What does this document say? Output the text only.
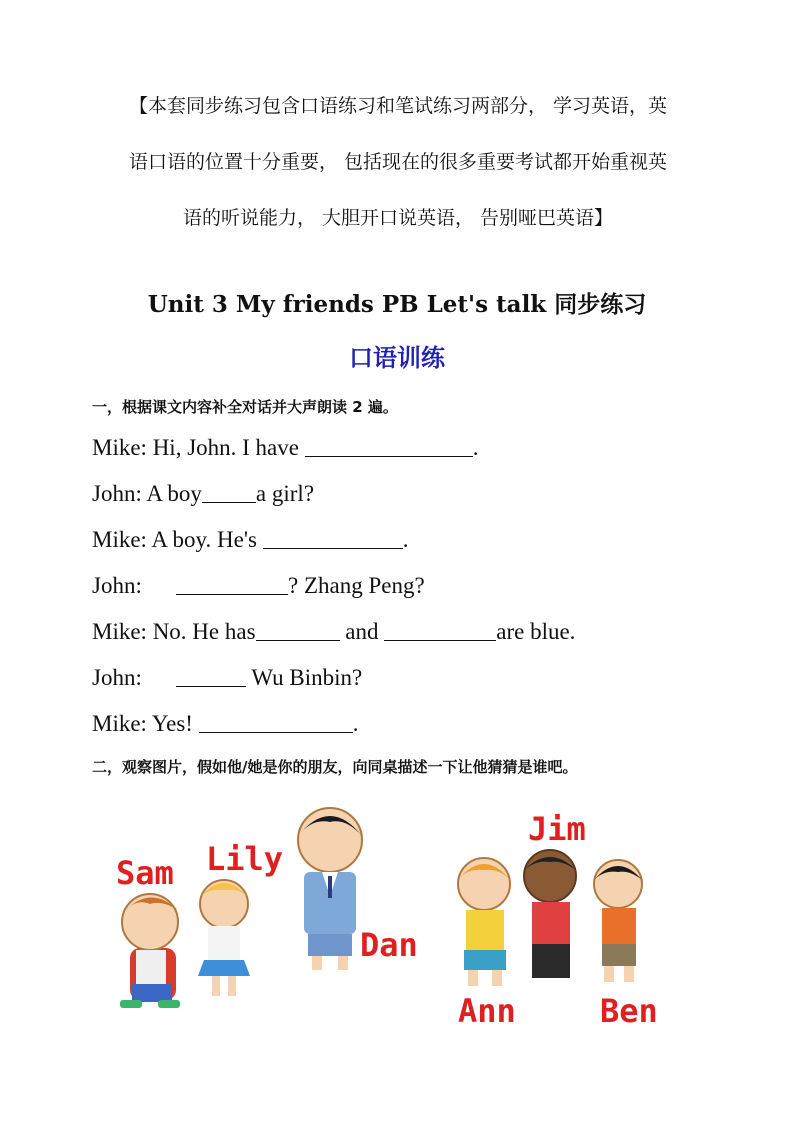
【本套同步练习包含口语练习和笔试练习两部分， 学习英语，英

语口语的位置十分重要， 包括现在的很多重要考试都开始重视英

语的听说能力， 大胆开口说英语， 告别哑巴英语】

Unit 3 My friends PB Let's talk 同步练习
口语训练
一，根据课文内容补全对话并大声朗读 2 遍。
Mike: Hi, John. I have	.
John: A boy a girl?
Mike: A boy. He's	.
John:	? Zhang Peng?
Mike: No. He has	and	are blue.
John:	Wu Binbin?
Mike: Yes!	.
二，观察图片，假如他/她是你的朋友，向同桌描述一下让他猜猜是谁吧。
Sam Lily
Dan
Jim
Ann	Ben
